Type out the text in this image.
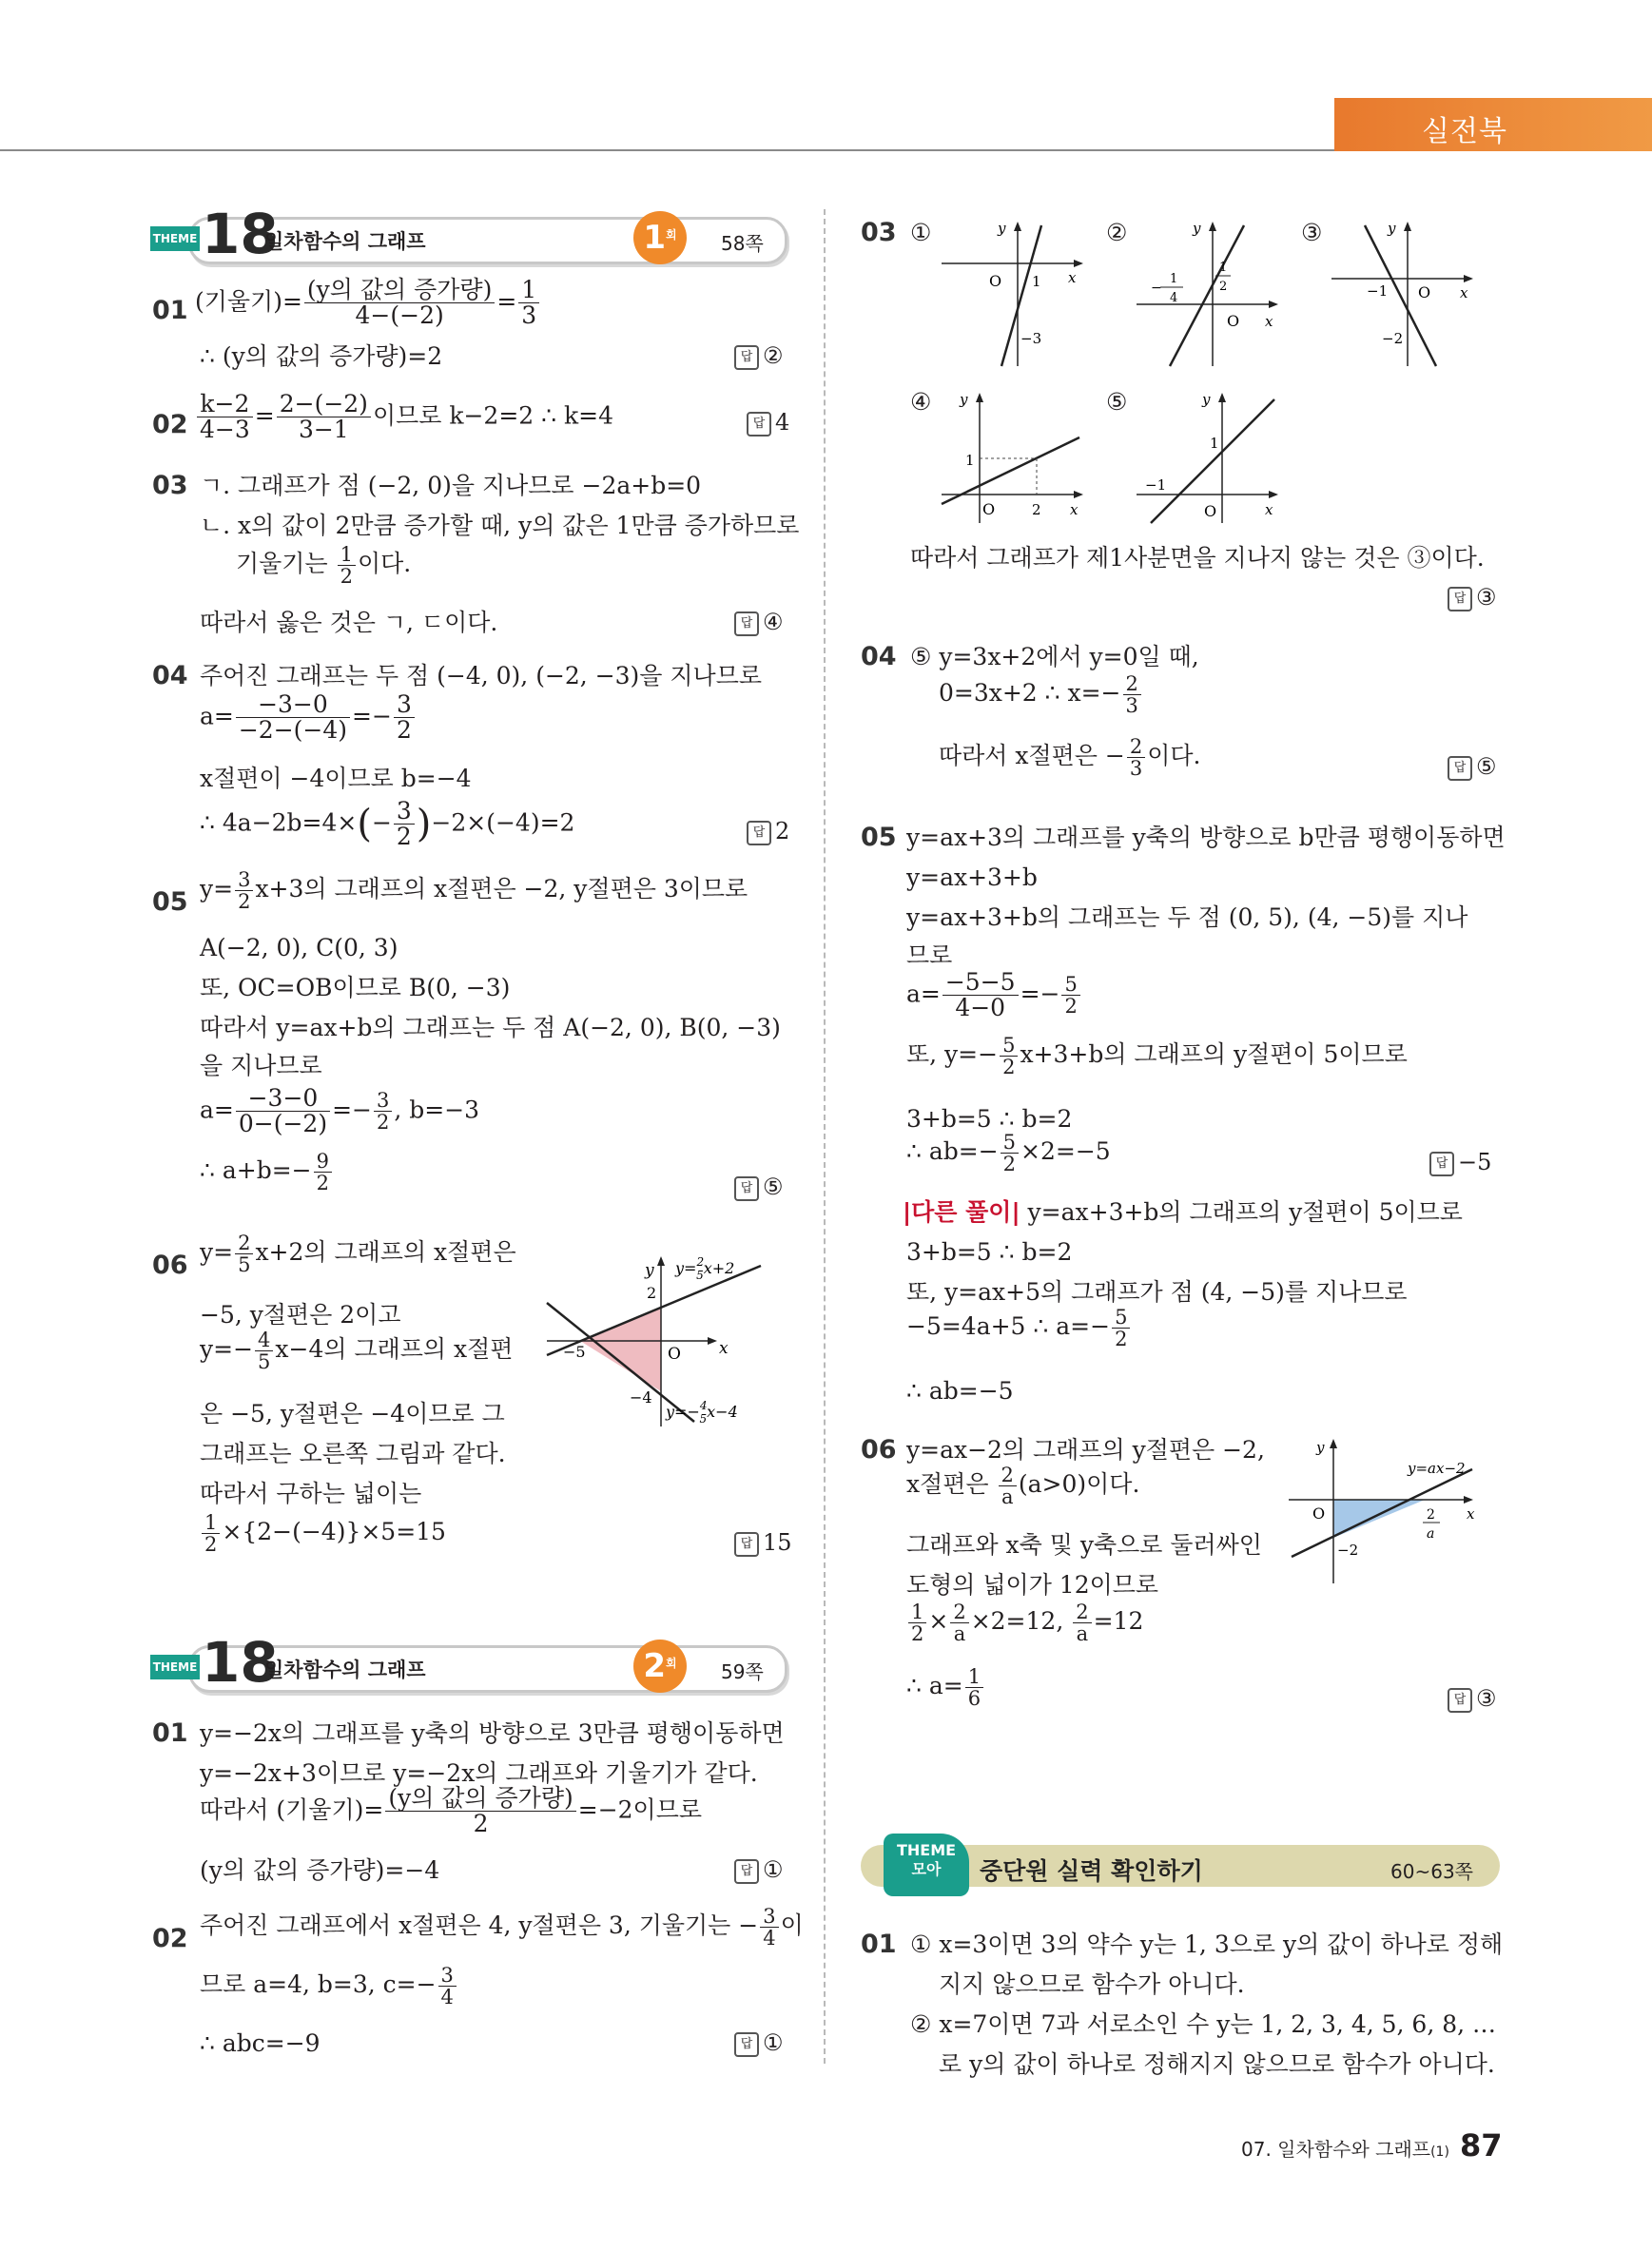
실전북
THEME 18
일차함수의 그래프	$1^회$	58쪽
01 (기울기)= $\frac{\text{(y의 값의 증가량)}}{4-(-2)} = \frac{1}{3}$
∴ (y의 값의 증가량)=2	답 ②
$02 \frac{k-2}{4-3} = \frac{2-(-2)}{3-1}$ 이므로 k−2=2 ∴ k=4	답 4
03 ㄱ. 그래프가 점 (−2, 0)을 지나므로 −2a+b=0
ㄴ. x의 값이 2만큼 증가할 때, y의 값은 1만큼 증가하므로
기울기는 $\frac{1}{2}$ 이다.
따라서 옳은 것은 ㄱ, ㄷ이다.	답 ④
04 주어진 그래프는 두 점 (−4, 0), (−2, −3)을 지나므로
$a= \frac{-3-0}{-2-(-4)} =- \frac{3}{2}$
x절편이 −4이므로 b=−4
∴ $4a-2b=4\times(- \frac{3}{2} )-2\times(-4)=2$	답 2
05 $y= \frac{3}{2} x+3$의 그래프의 x절편은 −2, y절편은 3이므로
A(−2, 0), C(0, 3)
또, OC=OB이므로 B(0, −3)
따라서 y=ax+b의 그래프는 두 점 A(−2, 0), B(0, −3)
을 지나므로
$a= \frac{-3-0}{0-(-2)} =- \frac{3}{2}$ , b=−3
∴ $a+b=- \frac{9}{2}$	답 ⑤
06 $y= \frac{2}{5} x+2$의 그래프의 x절편은
−5, y절편은 2이고
$y=- \frac{4}{5} x-4$의 그래프의 x절편
은 −5, y절편은 −4이므로 그
그래프는 오른쪽 그림과 같다.
따라서 구하는 넓이는
$\frac{1}{2} \times\{2-(-4)\}\times 5=15$	답 15
y
x
O
−5
2
−4
y=$^2$ 5x+2
y=−$^4$ 5x−4
THEME 18
일차함수의 그래프	$2^회$	59쪽
01 y=−2x의 그래프를 y축의 방향으로 3만큼 평행이동하면
y=−2x+3이므로 y=−2x의 그래프와 기울기가 같다.
따라서 (기울기)= $\frac{\text{(y의 값의 증가량)}}{2} =-2$이므로
(y의 값의 증가량)=−4	답 ①
02 주어진 그래프에서 x절편은 4, y절편은 3, 기울기는 − $\frac{3}{4}$ 이
므로 a=4, b=3, $c=- \frac{3}{4}$
∴ abc=−9	답 ①
03 ①	②	③
④	⑤
따라서 그래프가 제1사분면을 지나지 않는 것은 ③이다.
답 ③
04 ⑤ y=3x+2에서 y=0일 때,
0=3x+2 ∴ $x=- \frac{2}{3}$
따라서 x절편은 − $\frac{2}{3}$ 이다.	답 ⑤
05 y=ax+3의 그래프를 y축의 방향으로 b만큼 평행이동하면
y=ax+3+b
y=ax+3+b의 그래프는 두 점 (0, 5), (4, −5)를 지나
므로
$a= \frac{-5-5}{4-0} =- \frac{5}{2}$
또, $y=- \frac{5}{2} x+3+b$의 그래프의 y절편이 5이므로
3+b=5 ∴ b=2
∴ $ab=- \frac{5}{2} \times 2=-5$	답 −5
|다른 풀이| y=ax+3+b의 그래프의 y절편이 5이므로
3+b=5 ∴ b=2
또, y=ax+5의 그래프가 점 (4, −5)를 지나므로
−5=4a+5 ∴ $a=- \frac{5}{2}$
∴ ab=−5
06 y=ax−2의 그래프의 y절편은 −2,
x절편은 $\frac{2}{a} (a>0)$이다.
그래프와 x축 및 y축으로 둘러싸인
도형의 넓이가 12이므로
$\frac{1}{2} \times \frac{2}{a} \times 2=12$, $\frac{2}{a} =12$
∴ $a= \frac{1}{6}$	답 ③
01 ① x=3이면 3의 약수 y는 1, 3으로 y의 값이 하나로 정해
지지 않으므로 함수가 아니다.
② x=7이면 7과 서로소인 수 y는 1, 2, 3, 4, 5, 6, 8, …
로 y의 값이 하나로 정해지지 않으므로 함수가 아니다.
y
x
O 1
−3
y
x
O
1
4
−
1
2
y
x
O
−1
−2
y
x
O
1
2
y
x
O
1
−1
y
x
O
−2
2
a
y=ax−2
THEME
모아	중단원 실력 확인하기	60~63쪽
07. 일차함수와 그래프(1) 87
